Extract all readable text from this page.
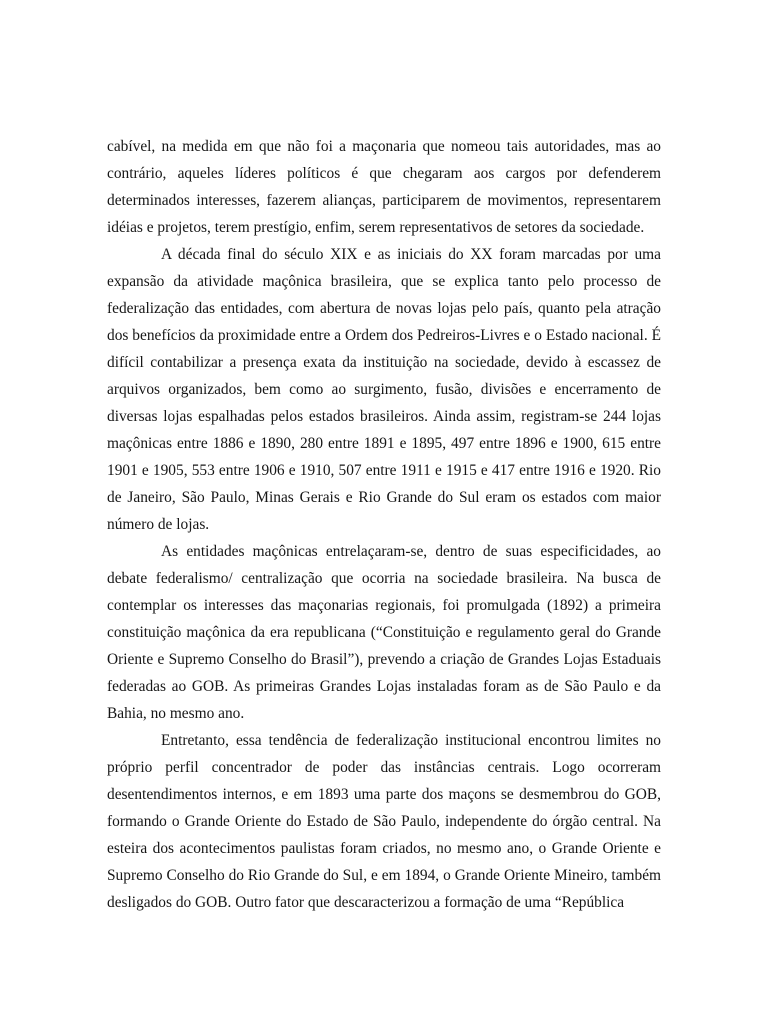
cabível, na medida em que não foi a maçonaria que nomeou tais autoridades, mas ao contrário, aqueles líderes políticos é que chegaram aos cargos por defenderem determinados interesses, fazerem alianças, participarem de movimentos, representarem idéias e projetos, terem prestígio, enfim, serem representativos de setores da sociedade.

A década final do século XIX e as iniciais do XX foram marcadas por uma expansão da atividade maçônica brasileira, que se explica tanto pelo processo de federalização das entidades, com abertura de novas lojas pelo país, quanto pela atração dos benefícios da proximidade entre a Ordem dos Pedreiros-Livres e o Estado nacional. É difícil contabilizar a presença exata da instituição na sociedade, devido à escassez de arquivos organizados, bem como ao surgimento, fusão, divisões e encerramento de diversas lojas espalhadas pelos estados brasileiros. Ainda assim, registram-se 244 lojas maçônicas entre 1886 e 1890, 280 entre 1891 e 1895, 497 entre 1896 e 1900, 615 entre 1901 e 1905, 553 entre 1906 e 1910, 507 entre 1911 e 1915 e 417 entre 1916 e 1920. Rio de Janeiro, São Paulo, Minas Gerais e Rio Grande do Sul eram os estados com maior número de lojas.

As entidades maçônicas entrelaçaram-se, dentro de suas especificidades, ao debate federalismo/ centralização que ocorria na sociedade brasileira. Na busca de contemplar os interesses das maçonarias regionais, foi promulgada (1892) a primeira constituição maçônica da era republicana (“Constituição e regulamento geral do Grande Oriente e Supremo Conselho do Brasil”), prevendo a criação de Grandes Lojas Estaduais federadas ao GOB. As primeiras Grandes Lojas instaladas foram as de São Paulo e da Bahia, no mesmo ano.

Entretanto, essa tendência de federalização institucional encontrou limites no próprio perfil concentrador de poder das instâncias centrais. Logo ocorreram desentendimentos internos, e em 1893 uma parte dos maçons se desmembrou do GOB, formando o Grande Oriente do Estado de São Paulo, independente do órgão central. Na esteira dos acontecimentos paulistas foram criados, no mesmo ano, o Grande Oriente e Supremo Conselho do Rio Grande do Sul, e em 1894, o Grande Oriente Mineiro, também desligados do GOB. Outro fator que descaracterizou a formação de uma “República
